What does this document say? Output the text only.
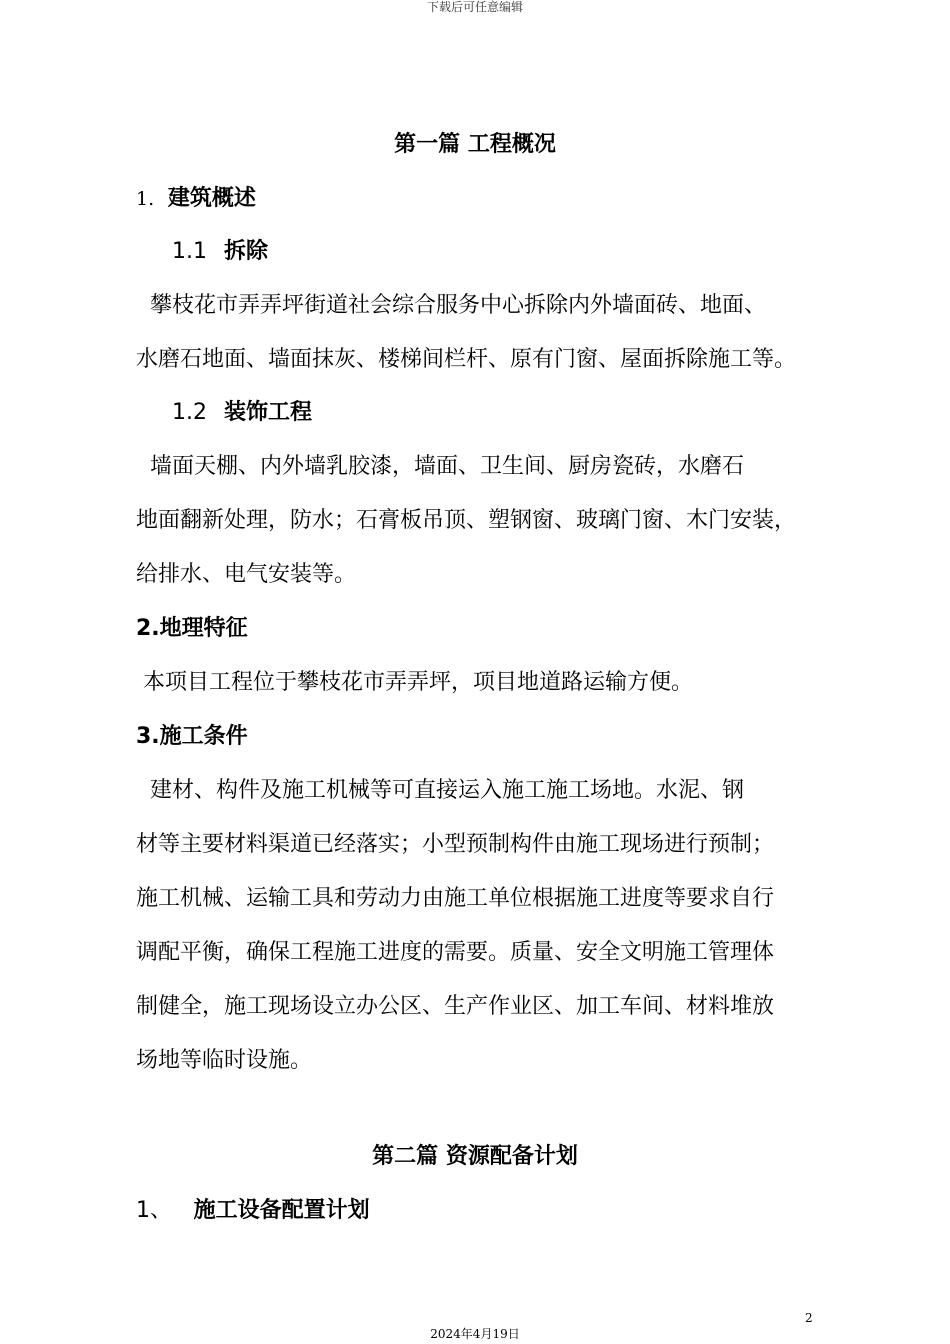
下载后可任意编辑
第一篇 工程概况
1. 建筑概述
1.1 拆除

攀枝花市弄弄坪街道社会综合服务中心拆除内外墙面砖、地面、
水磨石地面、墙面抹灰、楼梯间栏杆、原有门窗、屋面拆除施工等。

1.2 装饰工程

墙面天棚、内外墙乳胶漆，墙面、卫生间、厨房瓷砖，水磨石
地面翻新处理，防水；石膏板吊顶、塑钢窗、玻璃门窗、木门安装，
给排水、电气安装等。

2.地理特征

本项目工程位于攀枝花市弄弄坪，项目地道路运输方便。

3.施工条件

建材、构件及施工机械等可直接运入施工施工场地。水泥、钢
材等主要材料渠道已经落实；小型预制构件由施工现场进行预制；
施工机械、运输工具和劳动力由施工单位根据施工进度等要求自行
调配平衡，确保工程施工进度的需要。质量、安全文明施工管理体
制健全，施工现场设立办公区、生产作业区、加工车间、材料堆放
场地等临时设施。

第二篇 资源配备计划
1、 施工设备配置计划
2
2024年4月19日
